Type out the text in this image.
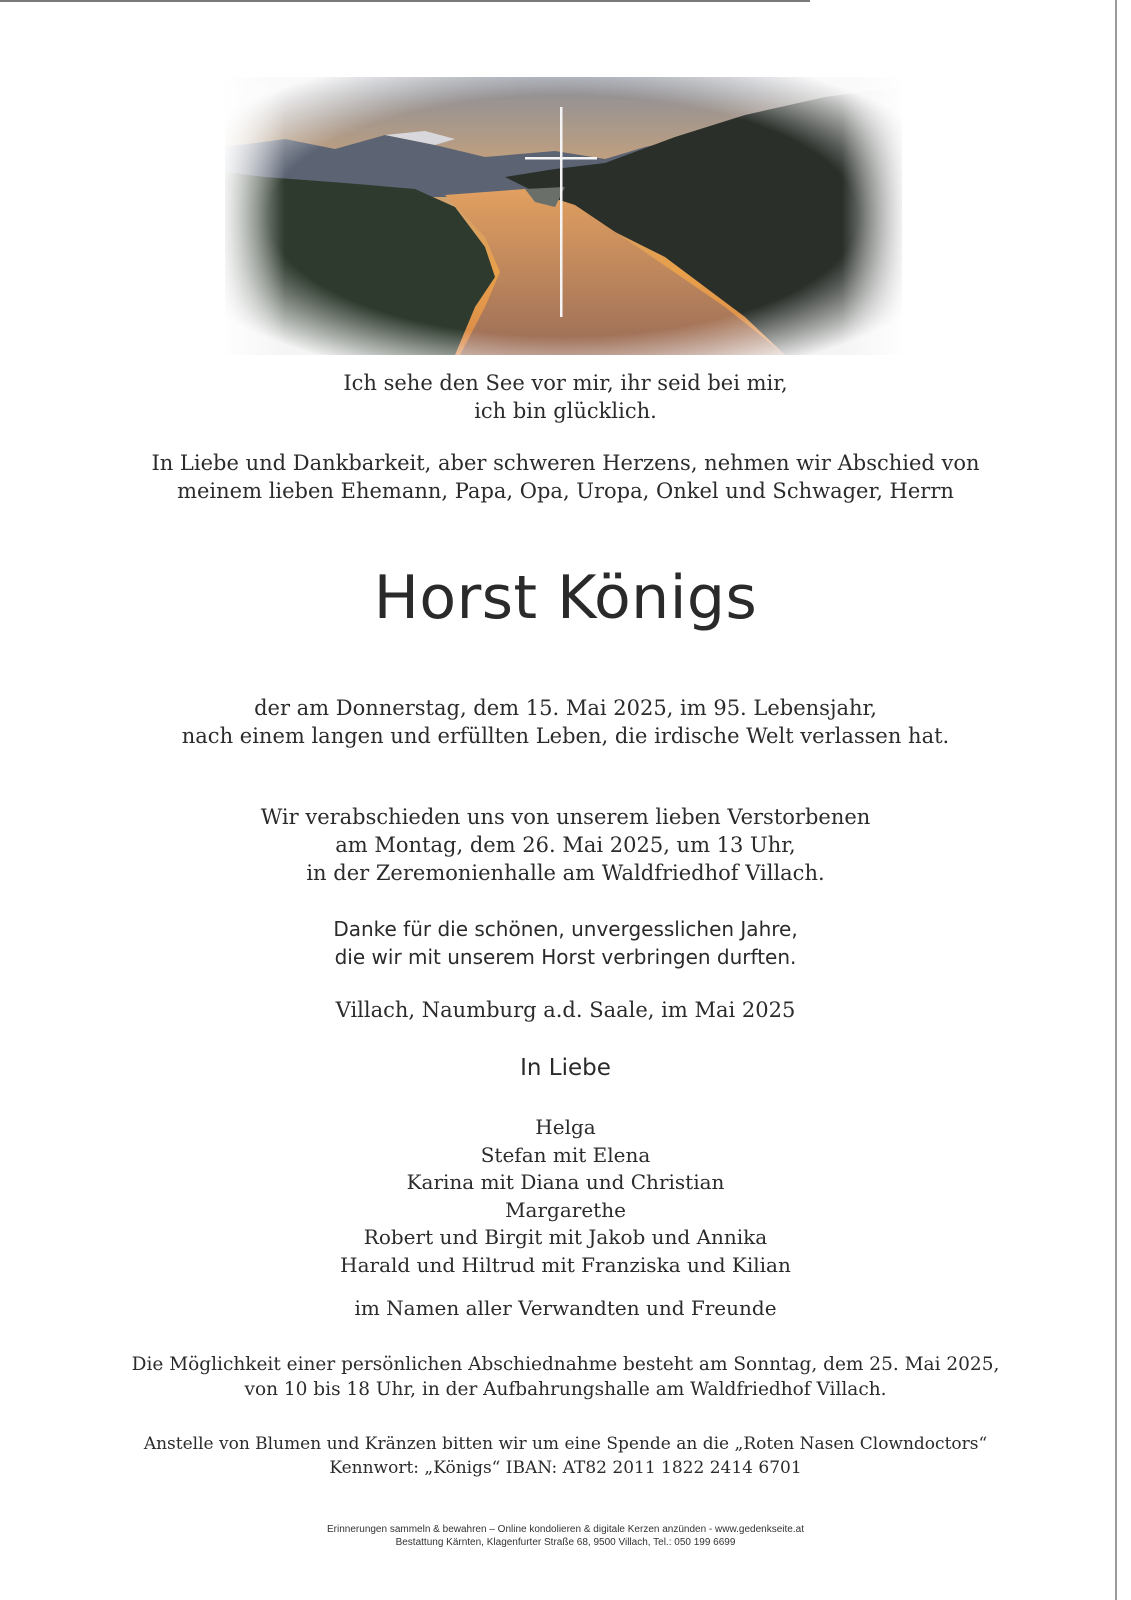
Ich sehe den See vor mir, ihr seid bei mir,
ich bin glücklich.
In Liebe und Dankbarkeit, aber schweren Herzens, nehmen wir Abschied von
meinem lieben Ehemann, Papa, Opa, Uropa, Onkel und Schwager, Herrn
Horst Königs
der am Donnerstag, dem 15. Mai 2025, im 95. Lebensjahr,
nach einem langen und erfüllten Leben, die irdische Welt verlassen hat.
Wir verabschieden uns von unserem lieben Verstorbenen
am Montag, dem 26. Mai 2025, um 13 Uhr,
in der Zeremonienhalle am Waldfriedhof Villach.
Danke für die schönen, unvergesslichen Jahre,
die wir mit unserem Horst verbringen durften.
Villach, Naumburg a.d. Saale, im Mai 2025
In Liebe
Helga
Stefan mit Elena
Karina mit Diana und Christian
Margarethe
Robert und Birgit mit Jakob und Annika
Harald und Hiltrud mit Franziska und Kilian
im Namen aller Verwandten und Freunde
Die Möglichkeit einer persönlichen Abschiednahme besteht am Sonntag, dem 25. Mai 2025,
von 10 bis 18 Uhr, in der Aufbahrungshalle am Waldfriedhof Villach.
Anstelle von Blumen und Kränzen bitten wir um eine Spende an die „Roten Nasen Clowndoctors“
Kennwort: „Königs“ IBAN: AT82 2011 1822 2414 6701
Erinnerungen sammeln & bewahren – Online kondolieren & digitale Kerzen anzünden - www.gedenkseite.at
Bestattung Kärnten, Klagenfurter Straße 68, 9500 Villach, Tel.: 050 199 6699
